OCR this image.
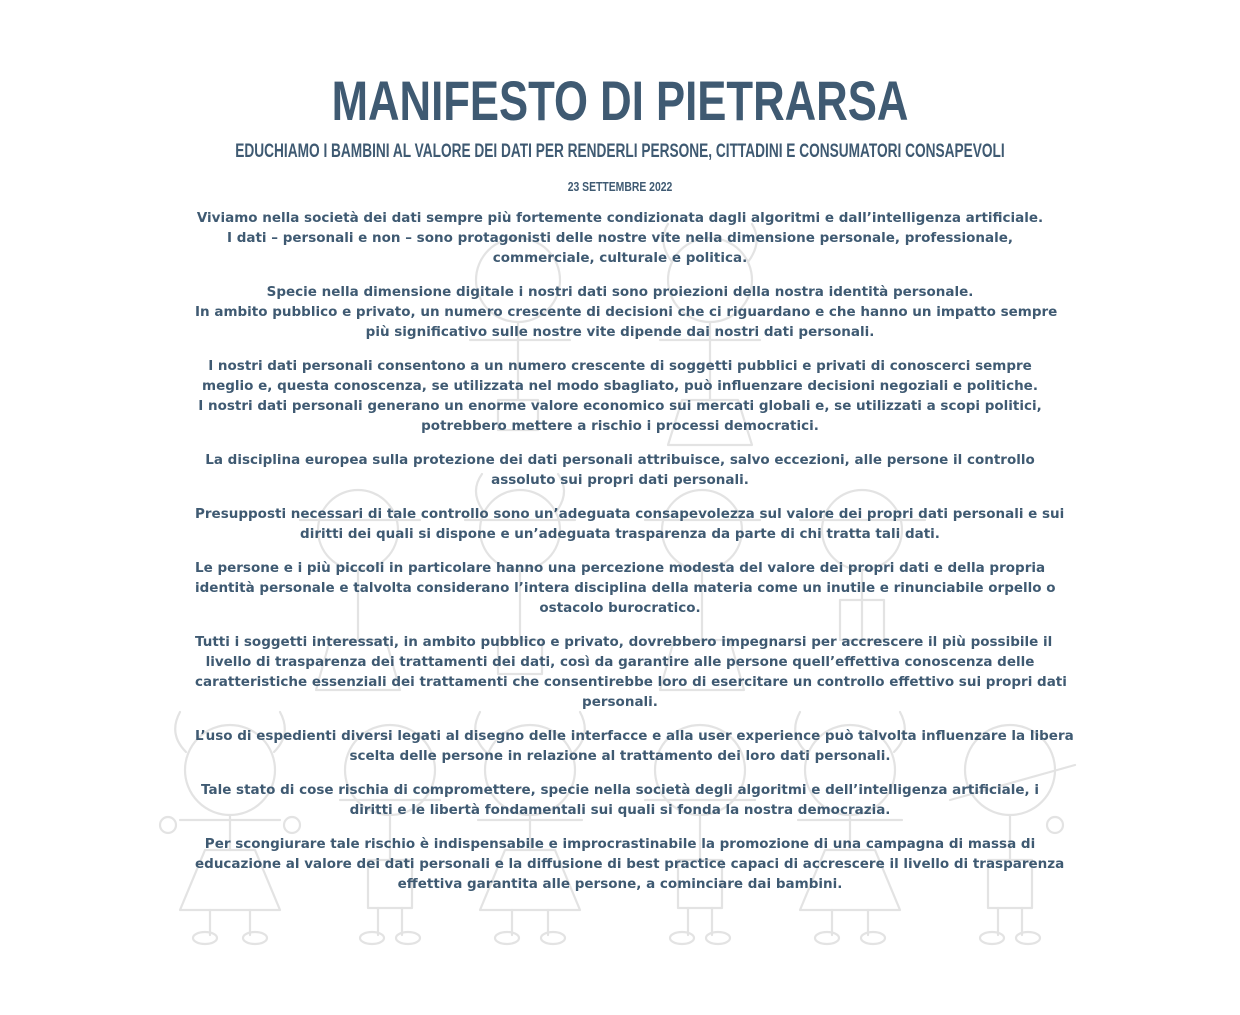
MANIFESTO DI PIETRARSA
EDUCHIAMO I BAMBINI AL VALORE DEI DATI PER RENDERLI PERSONE, CITTADINI E CONSUMATORI CONSAPEVOLI
23 SETTEMBRE 2022

Viviamo nella società dei dati sempre più fortemente condizionata dagli algoritmi e dall’intelligenza artificiale.
I dati – personali e non – sono protagonisti delle nostre vite nella dimensione personale, professionale,
commerciale, culturale e politica.

Specie nella dimensione digitale i nostri dati sono proiezioni della nostra identità personale.
In ambito pubblico e privato, un numero crescente di decisioni che ci riguardano e che hanno un impatto sempre
più significativo sulle nostre vite dipende dai nostri dati personali.

I nostri dati personali consentono a un numero crescente di soggetti pubblici e privati di conoscerci sempre
meglio e, questa conoscenza, se utilizzata nel modo sbagliato, può influenzare decisioni negoziali e politiche.
I nostri dati personali generano un enorme valore economico sui mercati globali e, se utilizzati a scopi politici,
potrebbero mettere a rischio i processi democratici.

La disciplina europea sulla protezione dei dati personali attribuisce, salvo eccezioni, alle persone il controllo
assoluto sui propri dati personali.

Presupposti necessari di tale controllo sono un’adeguata consapevolezza sul valore dei propri dati personali e sui
diritti dei quali si dispone e un’adeguata trasparenza da parte di chi tratta tali dati.

Le persone e i più piccoli in particolare hanno una percezione modesta del valore dei propri dati e della propria
identità personale e talvolta considerano l’intera disciplina della materia come un inutile e rinunciabile orpello o
ostacolo burocratico.

Tutti i soggetti interessati, in ambito pubblico e privato, dovrebbero impegnarsi per accrescere il più possibile il
livello di trasparenza dei trattamenti dei dati, così da garantire alle persone quell’effettiva conoscenza delle
caratteristiche essenziali dei trattamenti che consentirebbe loro di esercitare un controllo effettivo sui propri dati
personali.

L’uso di espedienti diversi legati al disegno delle interfacce e alla user experience può talvolta influenzare la libera
scelta delle persone in relazione al trattamento dei loro dati personali.

Tale stato di cose rischia di compromettere, specie nella società degli algoritmi e dell’intelligenza artificiale, i
diritti e le libertà fondamentali sui quali si fonda la nostra democrazia.

Per scongiurare tale rischio è indispensabile e improcrastinabile la promozione di una campagna di massa di
educazione al valore dei dati personali e la diffusione di best practice capaci di accrescere il livello di trasparenza
effettiva garantita alle persone, a cominciare dai bambini.
